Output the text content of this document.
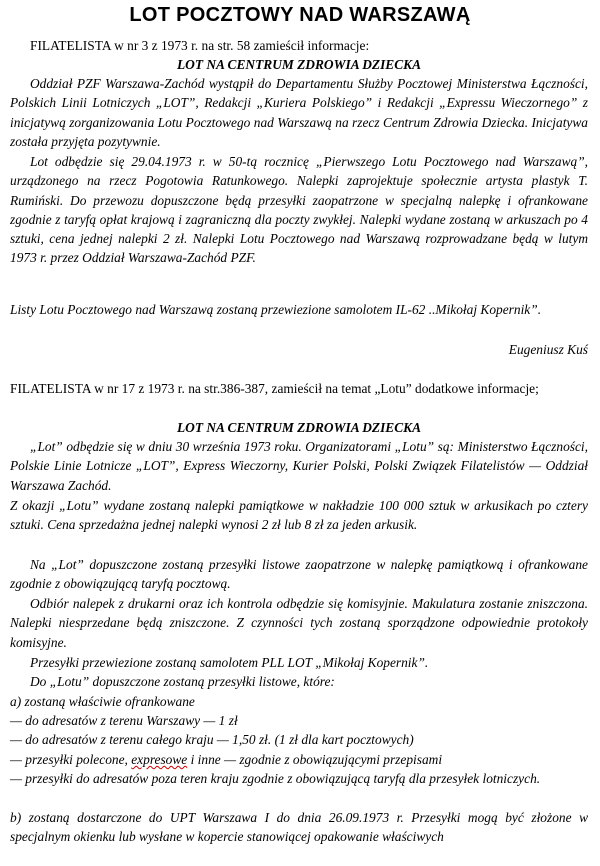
LOT POCZTOWY NAD WARSZAWĄ

FILATELISTA w nr 3 z 1973 r. na str. 58 zamieścił informacje:

LOT NA CENTRUM ZDROWIA DZIECKA

Oddział PZF Warszawa-Zachód wystąpił do Departamentu Służby Pocztowej Ministerstwa Łączności, Polskich Linii Lotniczych „LOT”, Redakcji „Kuriera Polskiego” i Redakcji „Expressu Wieczornego” z inicjatywą zorganizowania Lotu Pocztowego nad Warszawą na rzecz Centrum Zdrowia Dziecka. Inicjatywa została przyjęta pozytywnie.

Lot odbędzie się 29.04.1973 r. w 50-tą rocznicę „Pierwszego Lotu Pocztowego nad Warszawą”, urządzonego na rzecz Pogotowia Ratunkowego. Nalepki zaprojektuje społecznie artysta plastyk T. Rumiński. Do przewozu dopuszczone będą przesyłki zaopatrzone w specjalną nalepkę i ofrankowane zgodnie z taryfą opłat krajową i zagraniczną dla poczty zwykłej. Nalepki wydane zostaną w arkuszach po 4 sztuki, cena jednej nalepki 2 zł. Nalepki Lotu Pocztowego nad Warszawą rozprowadzane będą w lutym 1973 r. przez Oddział Warszawa-Zachód PZF.

Listy Lotu Pocztowego nad Warszawą zostaną przewiezione samolotem IL-62 ..Mikołaj Kopernik”.

Eugeniusz Kuś

FILATELISTA w nr 17 z 1973 r. na str.386-387, zamieścił na temat „Lotu” dodatkowe informacje;

LOT NA CENTRUM ZDROWIA DZIECKA

„Lot” odbędzie się w dniu 30 września 1973 roku. Organizatorami „Lotu” są: Ministerstwo Łączności, Polskie Linie Lotnicze „LOT”, Express Wieczorny, Kurier Polski, Polski Związek Filatelistów — Oddział Warszawa Zachód.

Z okazji „Lotu” wydane zostaną nalepki pamiątkowe w nakładzie 100 000 sztuk w arkusikach po cztery sztuki. Cena sprzedażna jednej nalepki wynosi 2 zł lub 8 zł za jeden arkusik.

Na „Lot” dopuszczone zostaną przesyłki listowe zaopatrzone w nalepkę pamiątkową i ofrankowane zgodnie z obowiązującą taryfą pocztową.

Odbiór nalepek z drukarni oraz ich kontrola odbędzie się komisyjnie. Makulatura zostanie zniszczona. Nalepki niesprzedane będą zniszczone. Z czynności tych zostaną sporządzone odpowiednie protokoły komisyjne.

Przesyłki przewiezione zostaną samolotem PLL LOT „Mikołaj Kopernik”.

Do „Lotu” dopuszczone zostaną przesyłki listowe, które:

a) zostaną właściwie ofrankowane

— do adresatów z terenu Warszawy — 1 zł

— do adresatów z terenu całego kraju — 1,50 zł. (1 zł dla kart pocztowych)

— przesyłki polecone, expresowe i inne — zgodnie z obowiązującymi przepisami

— przesyłki do adresatów poza teren kraju zgodnie z obowiązującą taryfą dla przesyłek lotniczych.

b) zostaną dostarczone do UPT Warszawa I do dnia 26.09.1973 r. Przesyłki mogą być złożone w specjalnym okienku lub wysłane w kopercie stanowiącej opakowanie właściwych
